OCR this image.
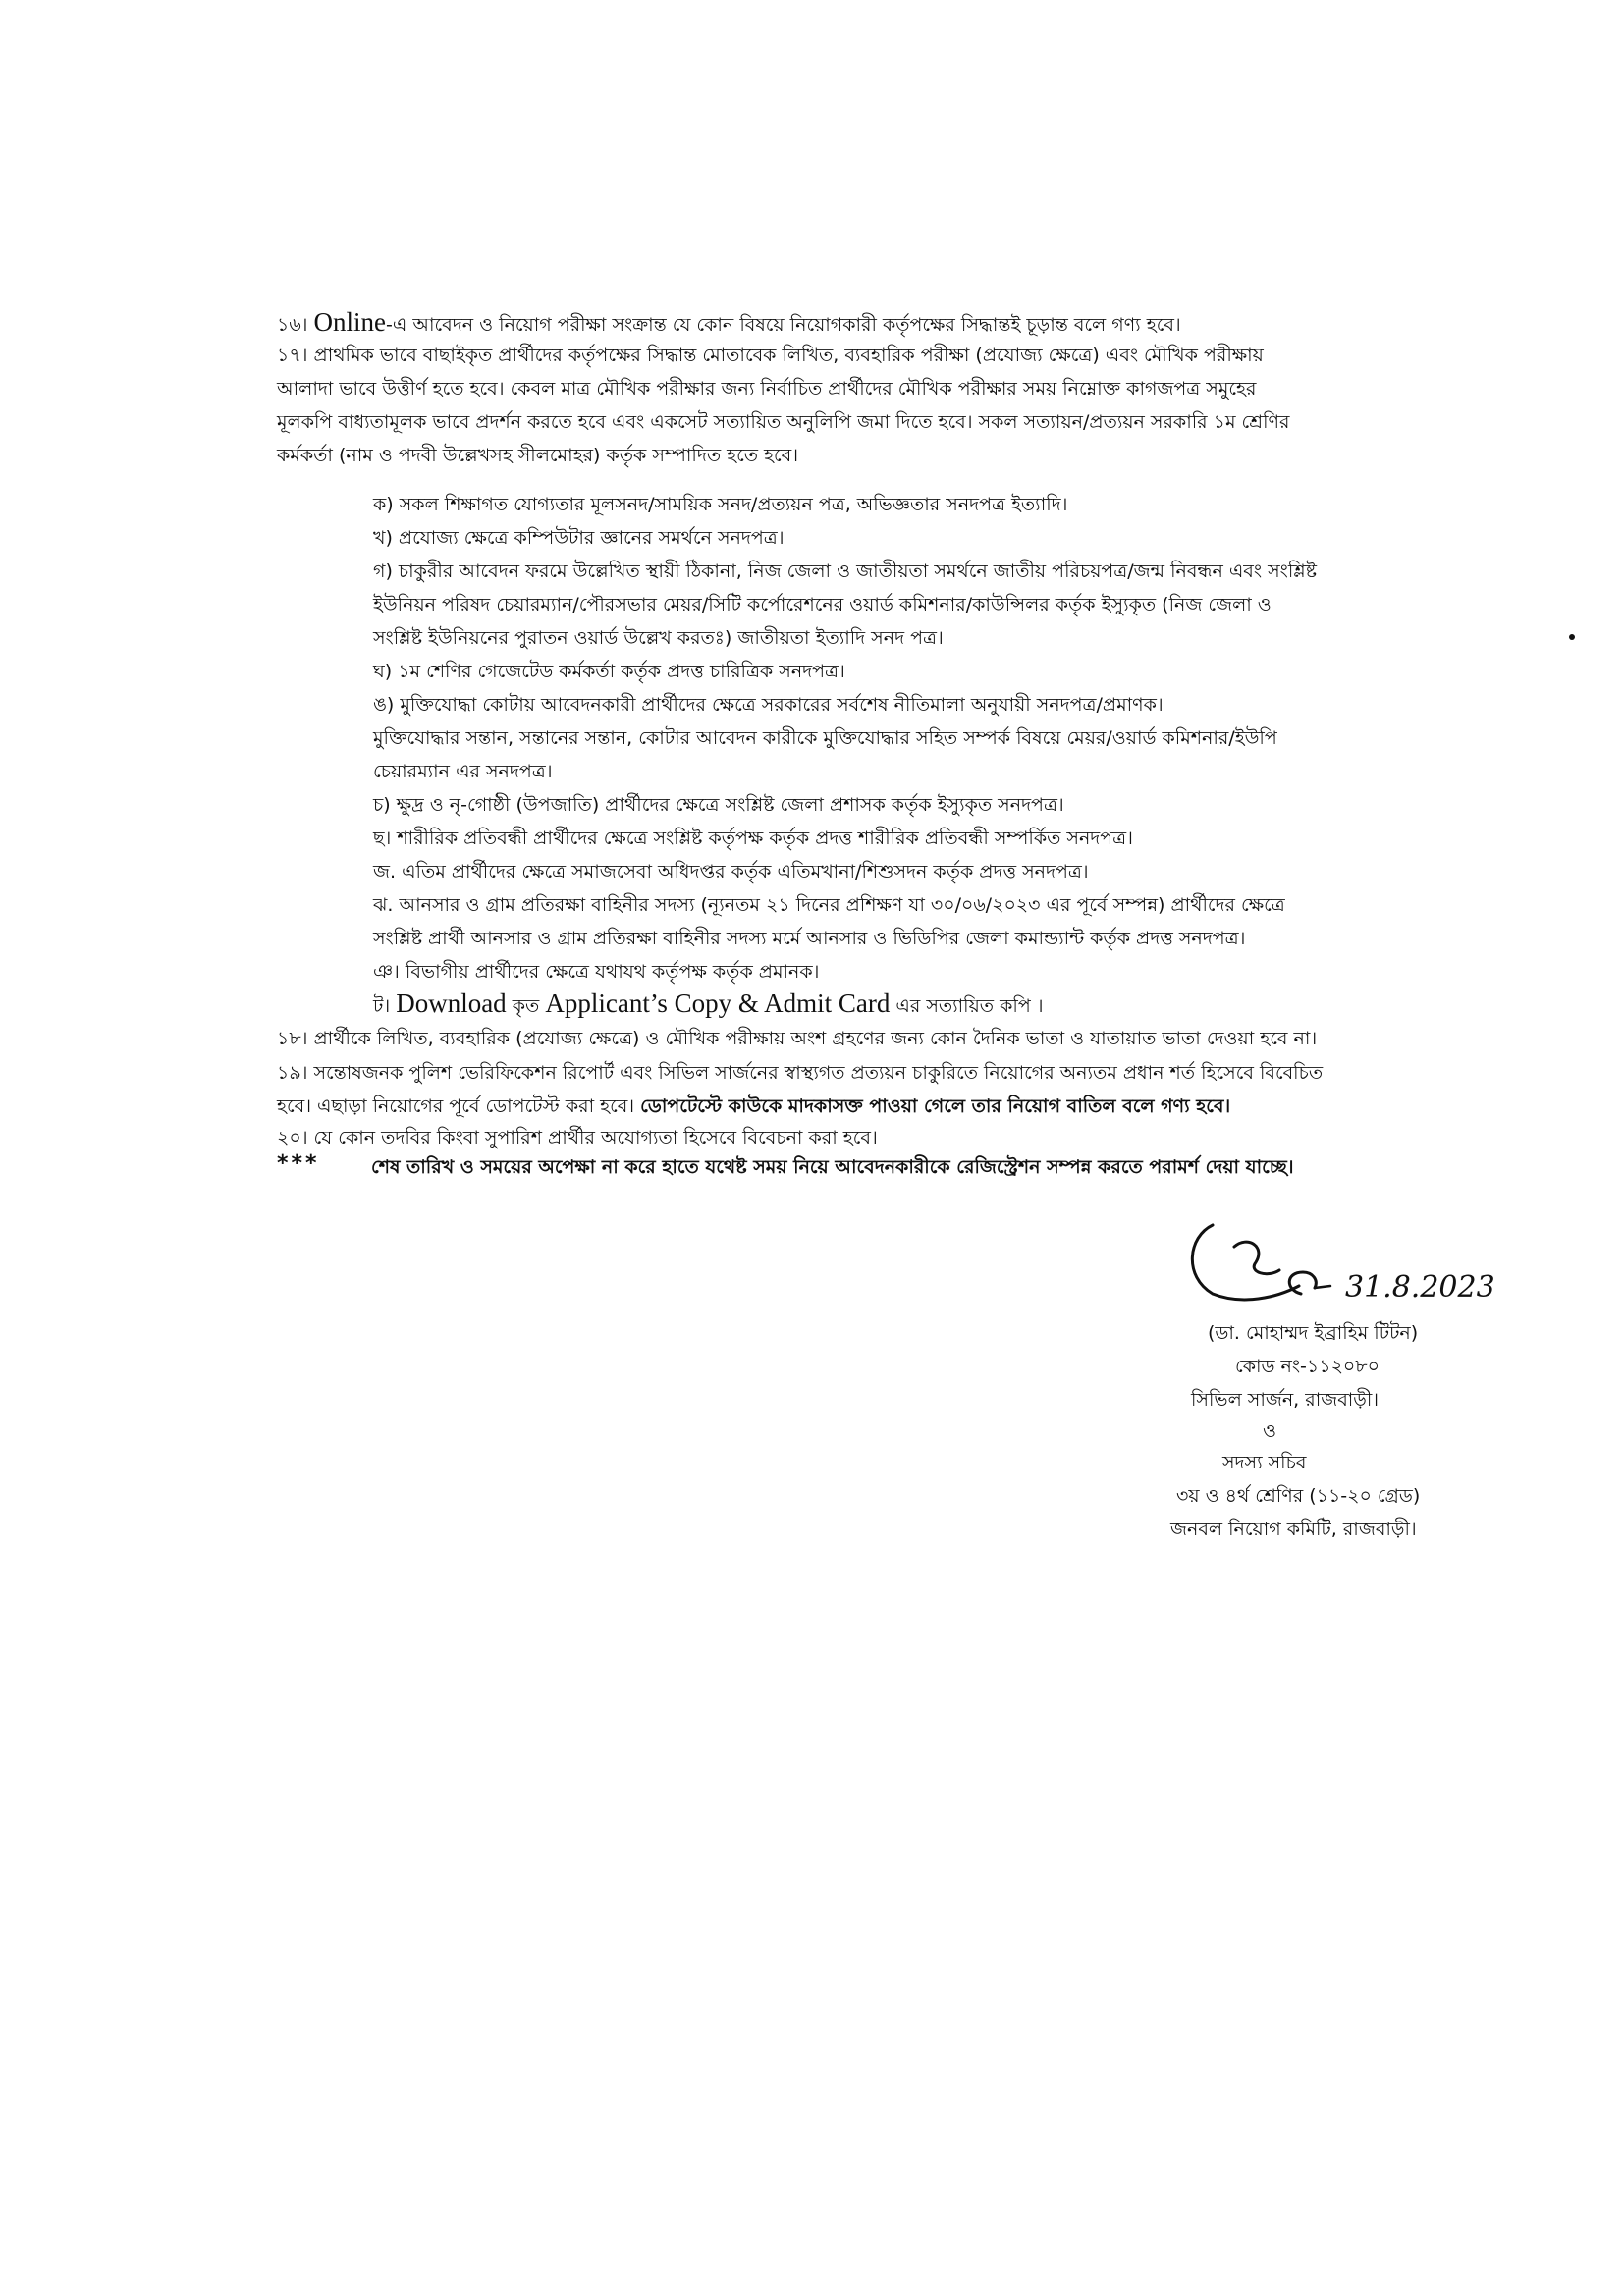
১৬। Online-এ আবেদন ও নিয়োগ পরীক্ষা সংক্রান্ত যে কোন বিষয়ে নিয়োগকারী কর্তৃপক্ষের সিদ্ধান্তই চূড়ান্ত বলে গণ্য হবে।
১৭। প্রাথমিক ভাবে বাছাইকৃত প্রার্থীদের কর্তৃপক্ষের সিদ্ধান্ত মোতাবেক লিখিত, ব্যবহারিক পরীক্ষা (প্রযোজ্য ক্ষেত্রে) এবং মৌখিক পরীক্ষায়
আলাদা ভাবে উত্তীর্ণ হতে হবে। কেবল মাত্র মৌখিক পরীক্ষার জন্য নির্বাচিত প্রার্থীদের মৌখিক পরীক্ষার সময় নিম্নোক্ত কাগজপত্র সমুহের
মূলকপি বাধ্যতামূলক ভাবে প্রদর্শন করতে হবে এবং একসেট সত্যায়িত অনুলিপি জমা দিতে হবে। সকল সত্যায়ন/প্রত্যয়ন সরকারি ১ম শ্রেণির
কর্মকর্তা (নাম ও পদবী উল্লেখসহ সীলমোহর) কর্তৃক সম্পাদিত হতে হবে।
ক) সকল শিক্ষাগত যোগ্যতার মূলসনদ/সাময়িক সনদ/প্রত্যয়ন পত্র, অভিজ্ঞতার সনদপত্র ইত্যাদি।
খ) প্রযোজ্য ক্ষেত্রে কম্পিউটার জ্ঞানের সমর্থনে সনদপত্র।
গ) চাকুরীর আবেদন ফরমে উল্লেখিত স্থায়ী ঠিকানা, নিজ জেলা ও জাতীয়তা সমর্থনে জাতীয় পরিচয়পত্র/জন্ম নিবন্ধন এবং সংশ্লিষ্ট
ইউনিয়ন পরিষদ চেয়ারম্যান/পৌরসভার মেয়র/সিটি কর্পোরেশনের ওয়ার্ড কমিশনার/কাউন্সিলর কর্তৃক ইস্যুকৃত (নিজ জেলা ও
সংশ্লিষ্ট ইউনিয়নের পুরাতন ওয়ার্ড উল্লেখ করতঃ) জাতীয়তা ইত্যাদি সনদ পত্র।
ঘ) ১ম শেণির গেজেটেড কর্মকর্তা কর্তৃক প্রদত্ত চারিত্রিক সনদপত্র।
ঙ) মুক্তিযোদ্ধা কোটায় আবেদনকারী প্রার্থীদের ক্ষেত্রে সরকারের সর্বশেষ নীতিমালা অনুযায়ী সনদপত্র/প্রমাণক।
মুক্তিযোদ্ধার সন্তান, সন্তানের সন্তান, কোটার আবেদন কারীকে মুক্তিযোদ্ধার সহিত সম্পর্ক বিষয়ে মেয়র/ওয়ার্ড কমিশনার/ইউপি
চেয়ারম্যান এর সনদপত্র।
চ) ক্ষুদ্র ও নৃ-গোষ্ঠী (উপজাতি) প্রার্থীদের ক্ষেত্রে সংশ্লিষ্ট জেলা প্রশাসক কর্তৃক ইস্যুকৃত সনদপত্র।
ছ। শারীরিক প্রতিবন্ধী প্রার্থীদের ক্ষেত্রে সংশ্লিষ্ট কর্তৃপক্ষ কর্তৃক প্রদত্ত শারীরিক প্রতিবন্ধী সম্পর্কিত সনদপত্র।
জ. এতিম প্রার্থীদের ক্ষেত্রে সমাজসেবা অধিদপ্তর কর্তৃক এতিমখানা/শিশুসদন কর্তৃক প্রদত্ত সনদপত্র।
ঝ. আনসার ও গ্রাম প্রতিরক্ষা বাহিনীর সদস্য (ন্যূনতম ২১ দিনের প্রশিক্ষণ যা ৩০/০৬/২০২৩ এর পূর্বে সম্পন্ন) প্রার্থীদের ক্ষেত্রে
সংশ্লিষ্ট প্রার্থী আনসার ও গ্রাম প্রতিরক্ষা বাহিনীর সদস্য মর্মে আনসার ও ভিডিপির জেলা কমান্ড্যান্ট কর্তৃক প্রদত্ত সনদপত্র।
ঞ। বিভাগীয় প্রার্থীদের ক্ষেত্রে যথাযথ কর্তৃপক্ষ কর্তৃক প্রমানক।
ট। Download কৃত Applicant’s Copy & Admit Card এর সত্যায়িত কপি ।
১৮। প্রার্থীকে লিখিত, ব্যবহারিক (প্রযোজ্য ক্ষেত্রে) ও মৌখিক পরীক্ষায় অংশ গ্রহণের জন্য কোন দৈনিক ভাতা ও যাতায়াত ভাতা দেওয়া হবে না।
১৯। সন্তোষজনক পুলিশ ভেরিফিকেশন রিপোর্ট এবং সিভিল সার্জনের স্বাস্থ্যগত প্রত্যয়ন চাকুরিতে নিয়োগের অন্যতম প্রধান শর্ত হিসেবে বিবেচিত
হবে। এছাড়া নিয়োগের পূর্বে ডোপটেস্ট করা হবে। ডোপটেস্টে কাউকে মাদকাসক্ত পাওয়া গেলে তার নিয়োগ বাতিল বলে গণ্য হবে।
২০। যে কোন তদবির কিংবা সুপারিশ প্রার্থীর অযোগ্যতা হিসেবে বিবেচনা করা হবে।
***	শেষ তারিখ ও সময়ের অপেক্ষা না করে হাতে যথেষ্ট সময় নিয়ে আবেদনকারীকে রেজিস্ট্রেশন সম্পন্ন করতে পরামর্শ দেয়া যাচ্ছে।
31.8.2023
(ডা. মোহাম্মদ ইব্রাহিম টিটন)
কোড নং-১১২০৮০
সিভিল সার্জন, রাজবাড়ী।
ও
সদস্য সচিব
৩য় ও ৪র্থ শ্রেণির (১১-২০ গ্রেড)
জনবল নিয়োগ কমিটি, রাজবাড়ী।
